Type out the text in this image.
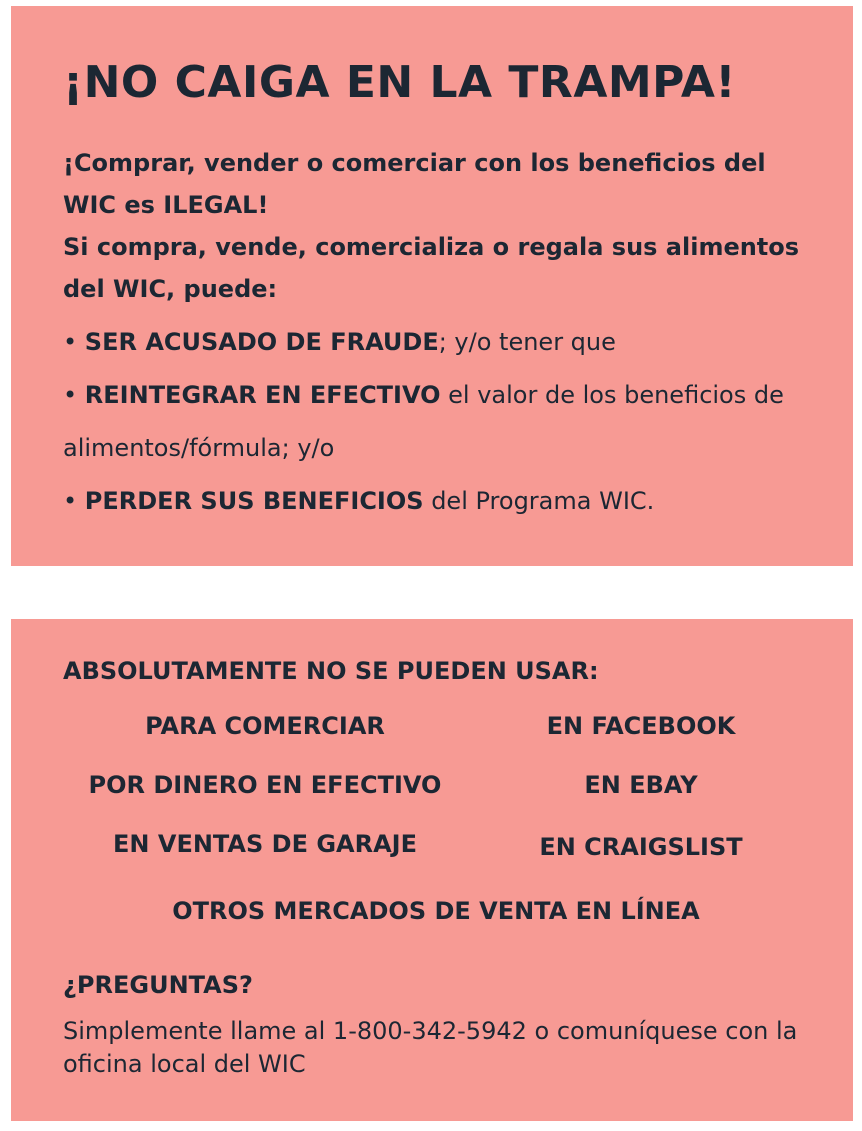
¡NO CAIGA EN LA TRAMPA!

¡Comprar, vender o comerciar con los beneficios del WIC es ILEGAL!
Si compra, vende, comercializa o regala sus alimentos del WIC, puede:

• SER ACUSADO DE FRAUDE; y/o tener que
• REINTEGRAR EN EFECTIVO el valor de los beneficios de alimentos/fórmula; y/o
• PERDER SUS BENEFICIOS del Programa WIC.
ABSOLUTAMENTE NO SE PUEDEN USAR:
PARA COMERCIAR
POR DINERO EN EFECTIVO
EN VENTAS DE GARAJE
EN FACEBOOK
EN EBAY
EN CRAIGSLIST
OTROS MERCADOS DE VENTA EN LÍNEA
¿PREGUNTAS?

Simplemente llame al 1-800-342-5942 o comuníquese con la oficina local del WIC
